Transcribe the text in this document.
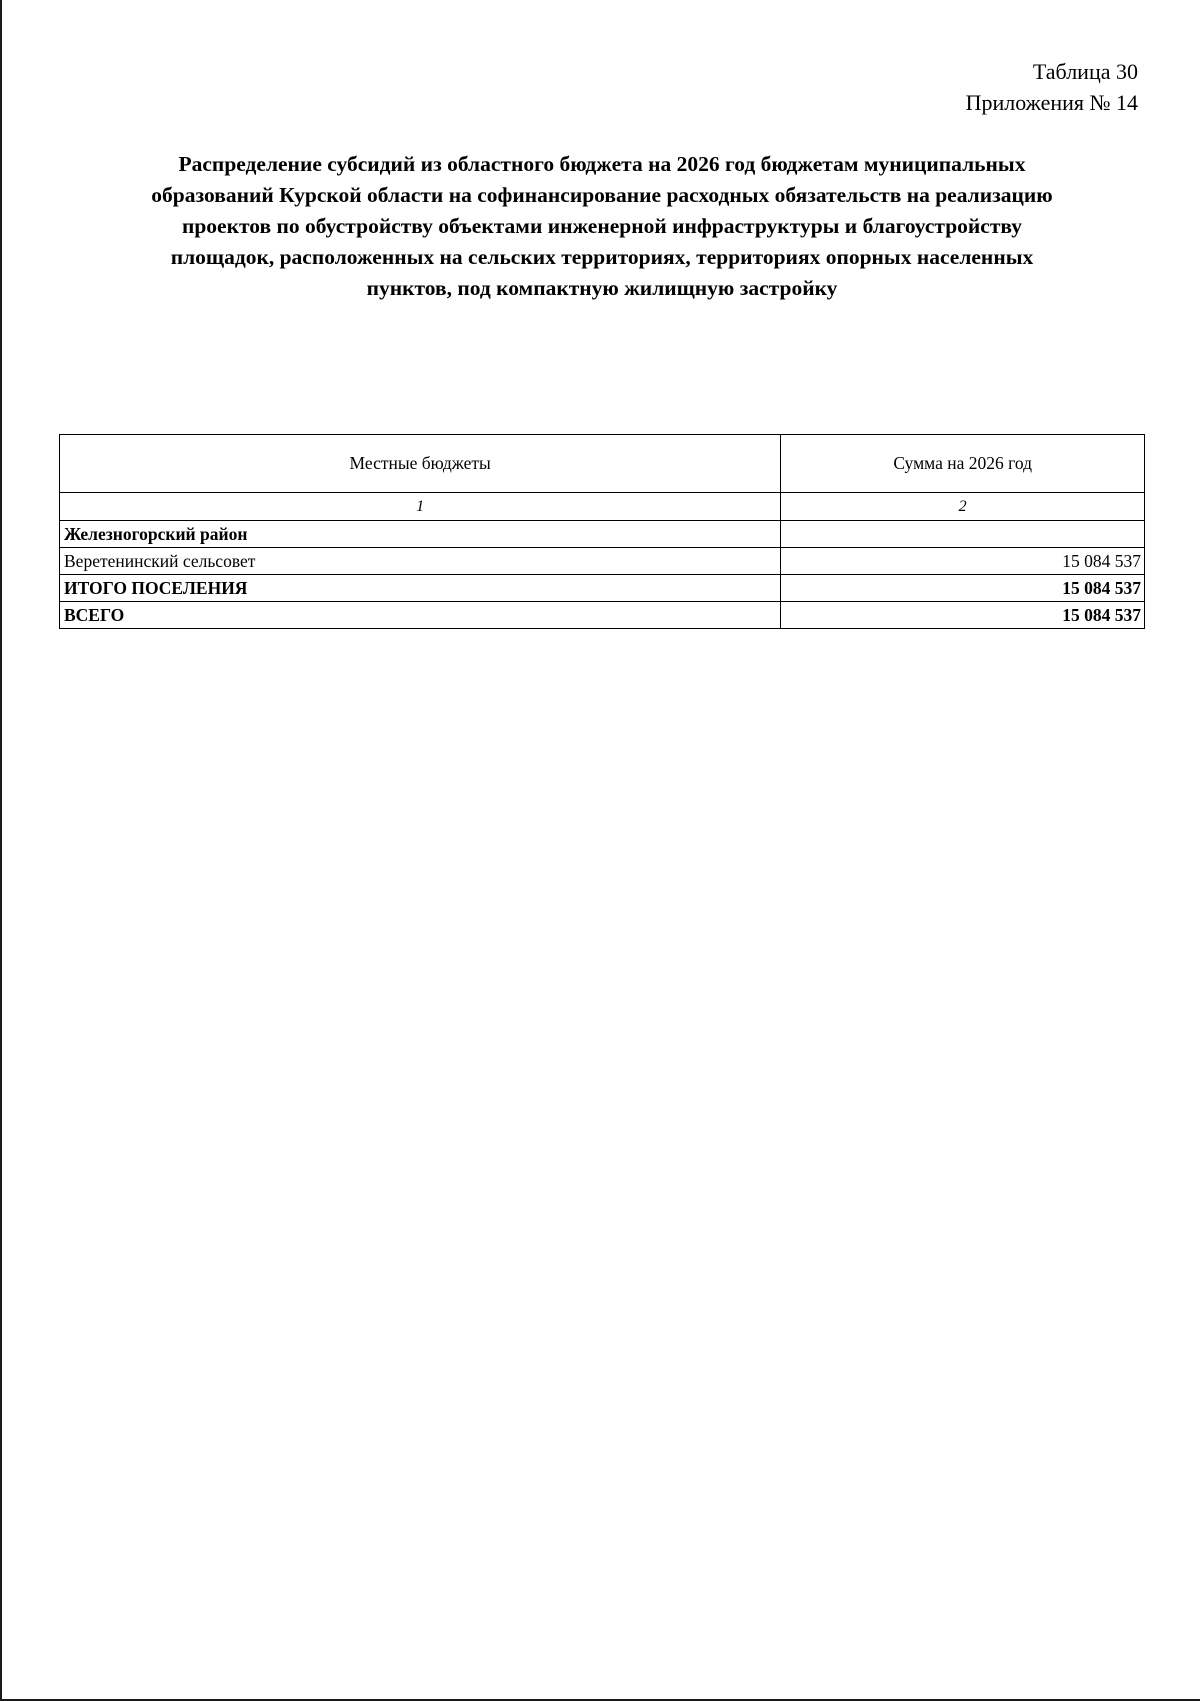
Таблица 30
Приложения № 14
Распределение субсидий из областного бюджета на 2026 год бюджетам муниципальных
образований Курской области на софинансирование расходных обязательств на реализацию
проектов по обустройству объектами инженерной инфраструктуры и благоустройству
площадок, расположенных на сельских территориях, территориях опорных населенных
пунктов, под компактную жилищную застройку
Местные бюджеты	Сумма на 2026 год
1	2
Железногорский район	
Веретенинский сельсовет	15 084 537
ИТОГО ПОСЕЛЕНИЯ	15 084 537
ВСЕГО	15 084 537
